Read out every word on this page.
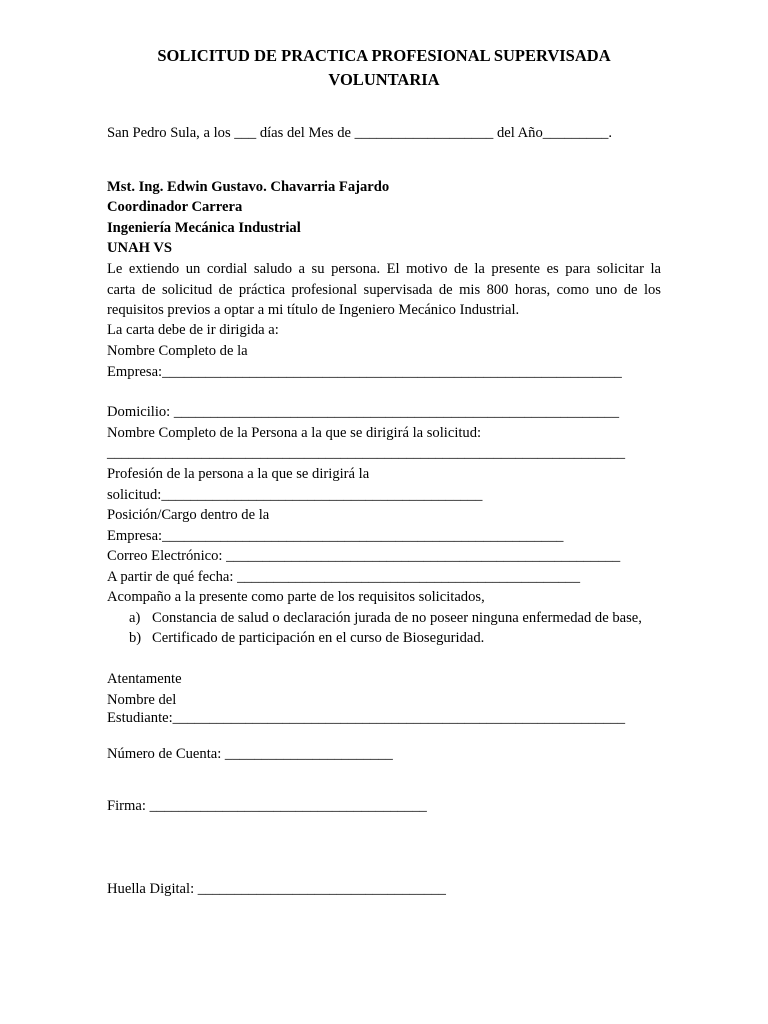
SOLICITUD DE PRACTICA PROFESIONAL SUPERVISADA
VOLUNTARIA
San Pedro Sula, a los ___ días del Mes de ___________________ del Año_________.
Mst. Ing. Edwin Gustavo. Chavarria Fajardo
Coordinador Carrera
Ingeniería Mecánica Industrial
UNAH VS
Le extiendo un cordial saludo a su persona. El motivo de la presente es para solicitar la
carta de solicitud de práctica profesional supervisada de mis 800 horas, como uno de los
requisitos previos a optar a mi título de Ingeniero Mecánico Industrial.
La carta debe de ir dirigida a:
Nombre Completo de la
Empresa:_______________________________________________________________
Domicilio: _____________________________________________________________
Nombre Completo de la Persona a la que se dirigirá la solicitud:
_______________________________________________________________________
Profesión de la persona a la que se dirigirá la
solicitud:____________________________________________
Posición/Cargo dentro de la
Empresa:_______________________________________________________
Correo Electrónico: ______________________________________________________
A partir de qué fecha: _______________________________________________
Acompaño a la presente como parte de los requisitos solicitados,
a) Constancia de salud o declaración jurada de no poseer ninguna enfermedad de base,
b) Certificado de participación en el curso de Bioseguridad.
Atentamente
Nombre del
Estudiante:______________________________________________________________
Número de Cuenta: _______________________
Firma: ______________________________________
Huella Digital: __________________________________
